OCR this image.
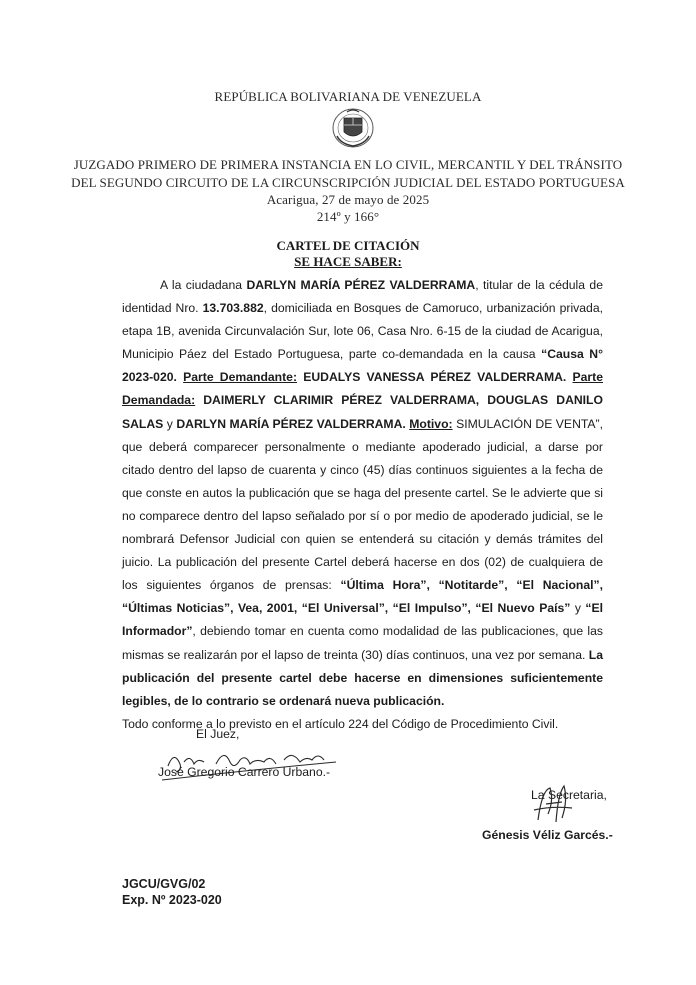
REPÚBLICA BOLIVARIANA DE VENEZUELA
JUZGADO PRIMERO DE PRIMERA INSTANCIA EN LO CIVIL, MERCANTIL Y DEL TRÁNSITO
DEL SEGUNDO CIRCUITO DE LA CIRCUNSCRIPCIÓN JUDICIAL DEL ESTADO PORTUGUESA
Acarigua, 27 de mayo de 2025
214º y 166°
CARTEL DE CITACIÓN
SE HACE SABER:

A la ciudadana DARLYN MARÍA PÉREZ VALDERRAMA, titular de la cédula de identidad Nro. 13.703.882, domiciliada en Bosques de Camoruco, urbanización privada, etapa 1B, avenida Circunvalación Sur, lote 06, Casa Nro. 6-15 de la ciudad de Acarigua, Municipio Páez del Estado Portuguesa, parte co-demandada en la causa “Causa N° 2023-020. Parte Demandante: EUDALYS VANESSA PÉREZ VALDERRAMA. Parte Demandada: DAIMERLY CLARIMIR PÉREZ VALDERRAMA, DOUGLAS DANILO SALAS y DARLYN MARÍA PÉREZ VALDERRAMA. Motivo: SIMULACIÓN DE VENTA”, que deberá comparecer personalmente o mediante apoderado judicial, a darse por citado dentro del lapso de cuarenta y cinco (45) días continuos siguientes a la fecha de que conste en autos la publicación que se haga del presente cartel. Se le advierte que si no comparece dentro del lapso señalado por sí o por medio de apoderado judicial, se le nombrará Defensor Judicial con quien se entenderá su citación y demás trámites del juicio. La publicación del presente Cartel deberá hacerse en dos (02) de cualquiera de los siguientes órganos de prensas: “Última Hora”, “Notitarde”, “El Nacional”, “Últimas Noticias”, Vea, 2001, “El Universal”, “El Impulso”, “El Nuevo País” y “El Informador”, debiendo tomar en cuenta como modalidad de las publicaciones, que las mismas se realizarán por el lapso de treinta (30) días continuos, una vez por semana. La publicación del presente cartel debe hacerse en dimensiones suficientemente legibles, de lo contrario se ordenará nueva publicación.

Todo conforme a lo previsto en el artículo 224 del Código de Procedimiento Civil.

El Juez,
José Gregorio Carrero Urbano.-
La Secretaria,
Génesis Véliz Garcés.-
JGCU/GVG/02
Exp. Nº 2023-020
